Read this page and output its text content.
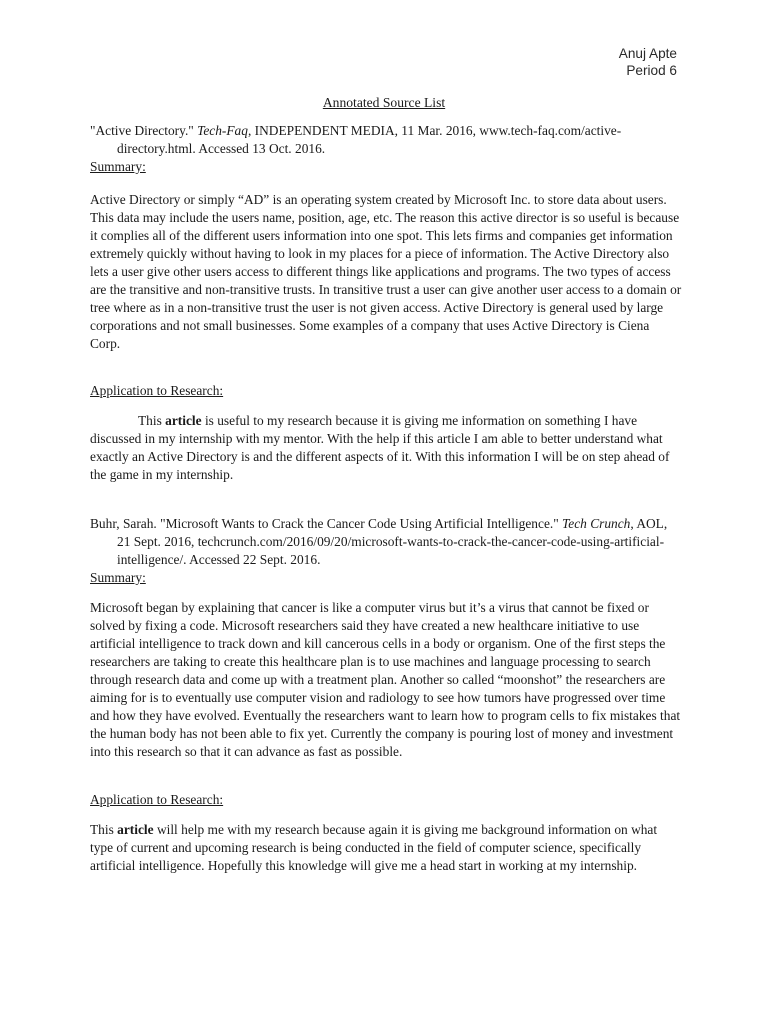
Anuj Apte
Period 6
Annotated Source List

"Active Directory." Tech-Faq, INDEPENDENT MEDIA, 11 Mar. 2016, www.tech-faq.com/active-directory.html. Accessed 13 Oct. 2016.

Summary:

Active Directory or simply “AD” is an operating system created by Microsoft Inc. to store data about users. This data may include the users name, position, age, etc. The reason this active director is so useful is because it complies all of the different users information into one spot. This lets firms and companies get information extremely quickly without having to look in my places for a piece of information. The Active Directory also lets a user give other users access to different things like applications and programs. The two types of access are the transitive and non-transitive trusts. In transitive trust a user can give another user access to a domain or tree where as in a non-transitive trust the user is not given access. Active Directory is general used by large corporations and not small businesses. Some examples of a company that uses Active Directory is Ciena Corp.

Application to Research:

This article is useful to my research because it is giving me information on something I have discussed in my internship with my mentor. With the help if this article I am able to better understand what exactly an Active Directory is and the different aspects of it. With this information I will be on step ahead of the game in my internship.

Buhr, Sarah. "Microsoft Wants to Crack the Cancer Code Using Artificial Intelligence." Tech Crunch, AOL, 21 Sept. 2016, techcrunch.com/2016/09/20/microsoft-wants-to-crack-the-cancer-code-using-artificial-intelligence/. Accessed 22 Sept. 2016.

Summary:

Microsoft began by explaining that cancer is like a computer virus but it’s a virus that cannot be fixed or solved by fixing a code. Microsoft researchers said they have created a new healthcare initiative to use artificial intelligence to track down and kill cancerous cells in a body or organism. One of the first steps the researchers are taking to create this healthcare plan is to use machines and language processing to search through research data and come up with a treatment plan. Another so called “moonshot” the researchers are aiming for is to eventually use computer vision and radiology to see how tumors have progressed over time and how they have evolved. Eventually the researchers want to learn how to program cells to fix mistakes that the human body has not been able to fix yet. Currently the company is pouring lost of money and investment into this research so that it can advance as fast as possible.

Application to Research:

This article will help me with my research because again it is giving me background information on what type of current and upcoming research is being conducted in the field of computer science, specifically artificial intelligence. Hopefully this knowledge will give me a head start in working at my internship.
